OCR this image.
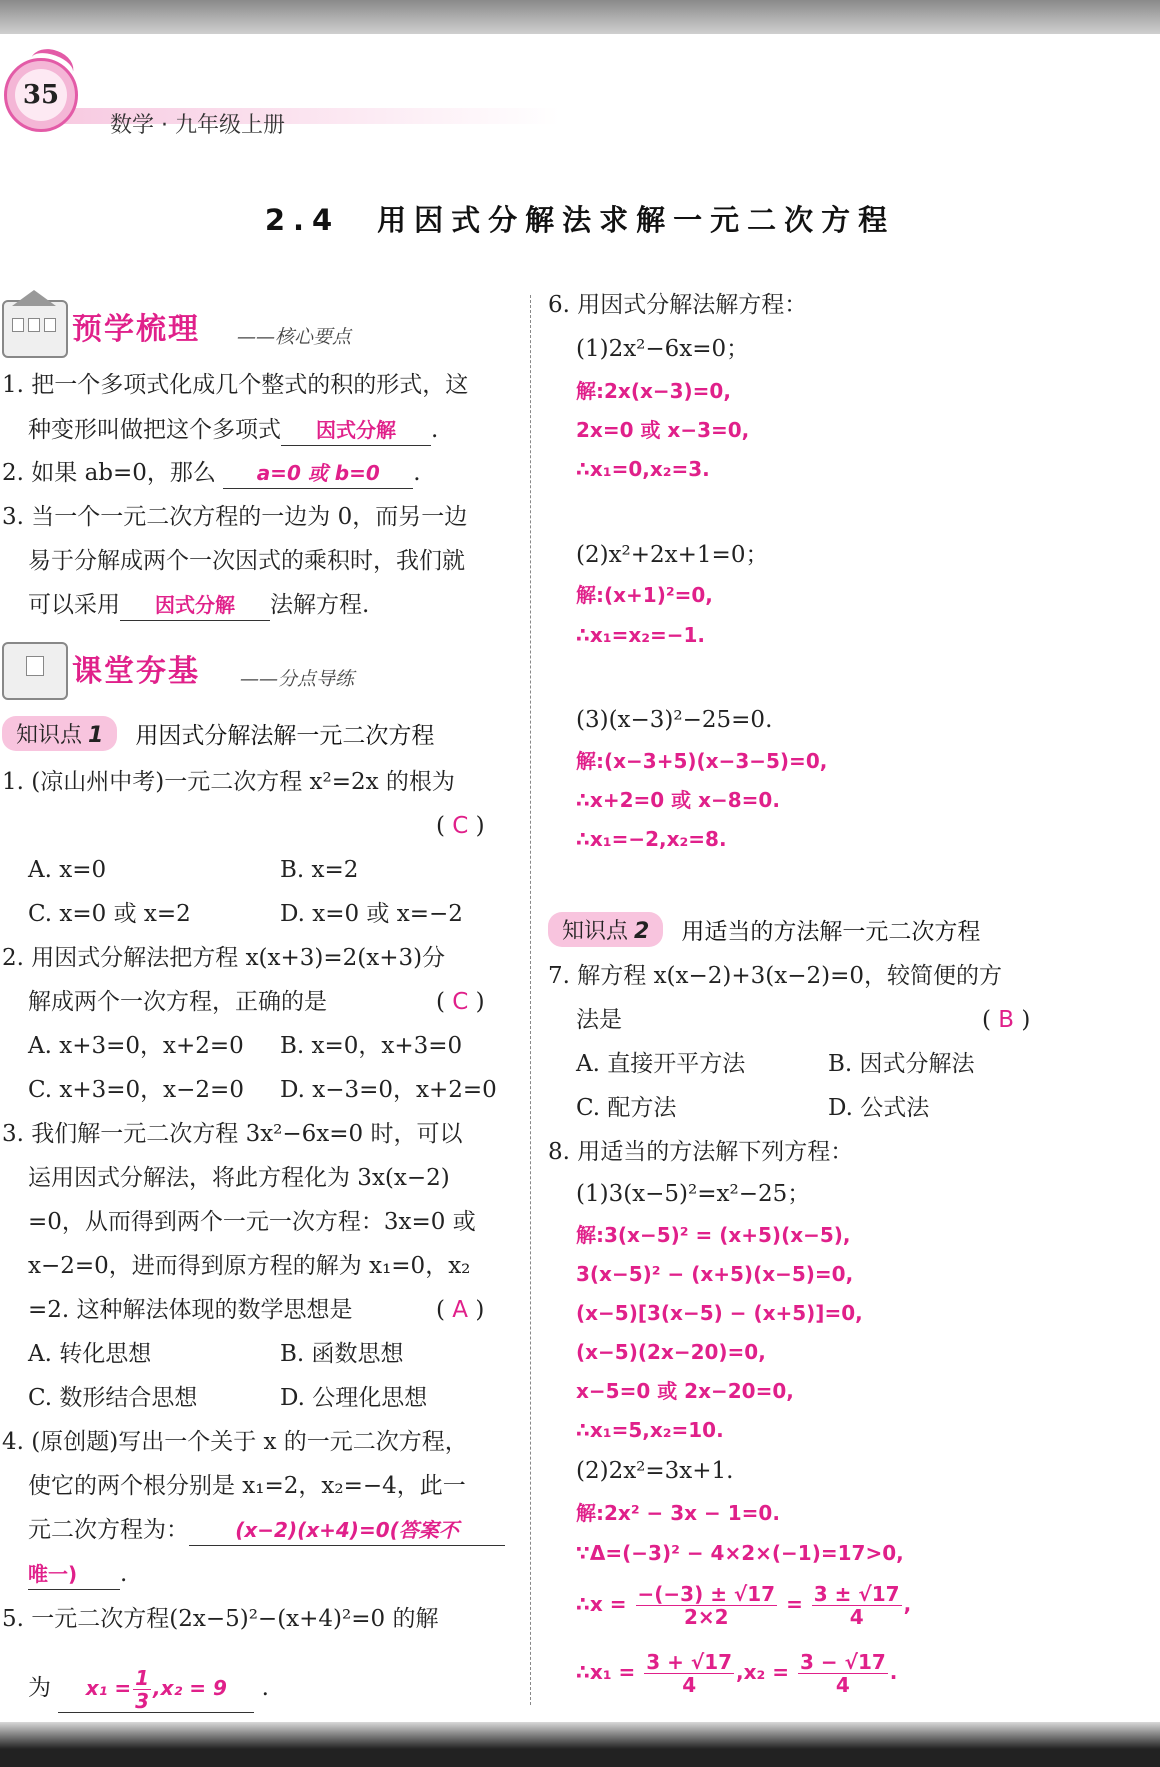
35
数学 · 九年级上册
2.4　用因式分解法求解一元二次方程
预学梳理 ——核心要点
1. 把一个多项式化成几个整式的积的形式，这
种变形叫做把这个多项式 因式分解 .
2. 如果 ab=0，那么 a=0 或 b=0 .
3. 当一个一元二次方程的一边为 0，而另一边
易于分解成两个一次因式的乘积时，我们就
可以采用 因式分解 法解方程.
课堂夯基 ——分点导练
知识点 1	用因式分解法解一元二次方程
1. (凉山州中考)一元二次方程 x²=2x 的根为
( C )
A. x=0	B. x=2
C. x=0 或 x=2	D. x=0 或 x=−2
2. 用因式分解法把方程 x(x+3)=2(x+3)分
解成两个一次方程，正确的是	( C )
A. x+3=0，x+2=0 B. x=0，x+3=0
C. x+3=0，x−2=0 D. x−3=0，x+2=0
3. 我们解一元二次方程 3x²−6x=0 时，可以
运用因式分解法，将此方程化为 3x(x−2)
=0，从而得到两个一元一次方程：3x=0 或
x−2=0，进而得到原方程的解为 x₁=0，x₂
=2. 这种解法体现的数学思想是	( A )
A. 转化思想	B. 函数思想
C. 数形结合思想	D. 公理化思想
4. (原创题)写出一个关于 x 的一元二次方程，
使它的两个根分别是 x₁=2，x₂=−4，此一
元二次方程为： (x−2)(x+4)=0(答案不
唯一) .
5. 一元二次方程(2x−5)²−(x+4)²=0 的解
为 $x_1 = \frac{1}{3} ,x_2 = 9$ .
6. 用因式分解法解方程：
(1)2x²−6x=0；
解:2x(x−3)=0,
2x=0 或 x−3=0,
∴x₁=0,x₂=3.
(2)x²+2x+1=0；
解:(x+1)²=0,
∴x₁=x₂=−1.
(3)(x−3)²−25=0.
解:(x−3+5)(x−3−5)=0,
∴x+2=0 或 x−8=0.
∴x₁=−2,x₂=8.
知识点 2	用适当的方法解一元二次方程
7. 解方程 x(x−2)+3(x−2)=0，较简便的方
法是	( B )
A. 直接开平方法	B. 因式分解法
C. 配方法	D. 公式法
8. 用适当的方法解下列方程：
(1)3(x−5)²=x²−25；
解:3(x−5)² = (x+5)(x−5),
3(x−5)² − (x+5)(x−5)=0,
(x−5)[3(x−5) − (x+5)]=0,
(x−5)(2x−20)=0,
x−5=0 或 2x−20=0,
∴x₁=5,x₂=10.
(2)2x²=3x+1.
解:2x² − 3x − 1=0.
∵Δ=(−3)² − 4×2×(−1)=17>0,
∴x = $\frac{-(-3) \pm √17}{2\times 2} = \frac{3 \pm √17}{4}$ ,
∴x₁ = $\frac{3 + √17}{4} ,x_2 = \frac{3 - √17}{4}$ .
